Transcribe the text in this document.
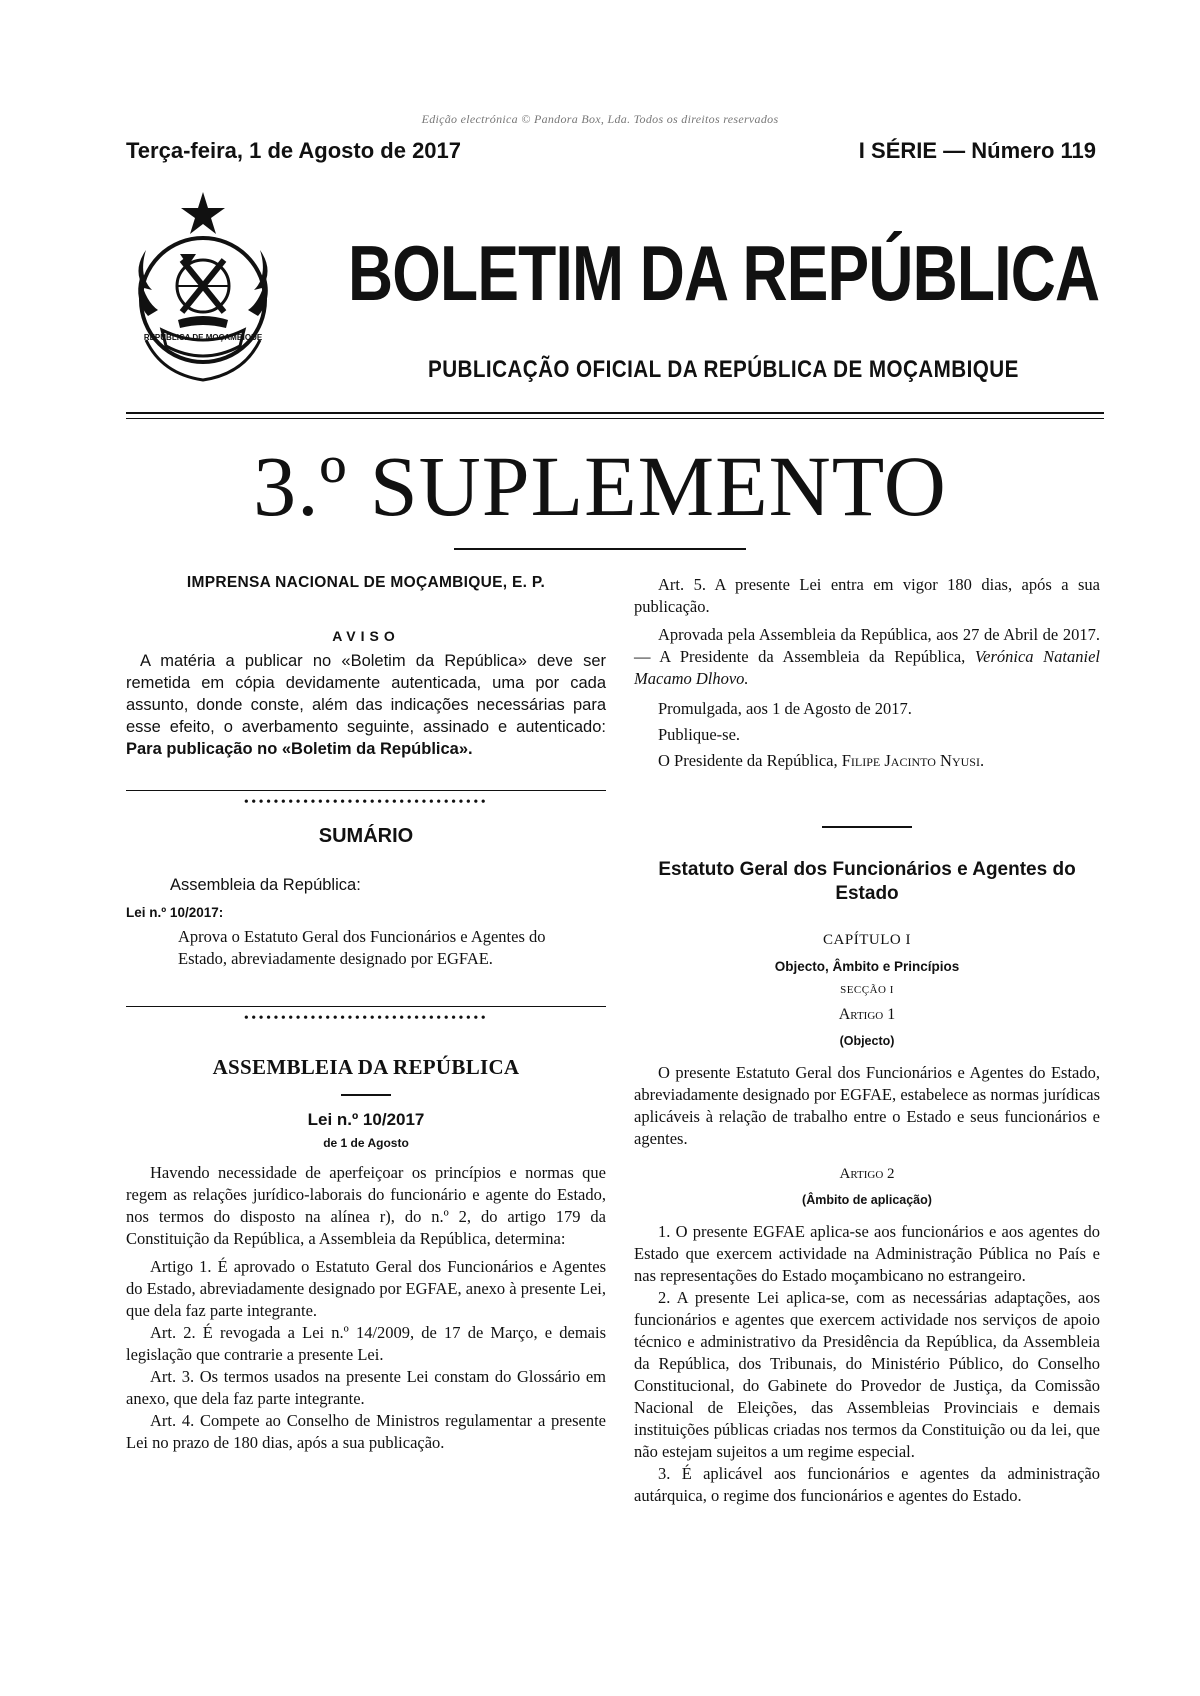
Edição electrónica © Pandora Box, Lda. Todos os direitos reservados
Terça-feira, 1 de Agosto de 2017	I SÉRIE — Número 119
REPÚBLICA DE MOÇAMBIQUE
BOLETIM DA REPÚBLICA
PUBLICAÇÃO OFICIAL DA REPÚBLICA DE MOÇAMBIQUE
3.º SUPLEMENTO

IMPRENSA NACIONAL DE MOÇAMBIQUE, E. P.

AVISO

A matéria a publicar no «Boletim da República» deve ser remetida em cópia devidamente autenticada, uma por cada assunto, donde conste, além das indicações necessárias para esse efeito, o averbamento seguinte, assinado e autenticado: Para publicação no «Boletim da República».

•••••••••••••••••••••••••••••••••

SUMÁRIO

Assembleia da República:

Lei n.º 10/2017:

Aprova o Estatuto Geral dos Funcionários e Agentes do Estado, abreviadamente designado por EGFAE.

•••••••••••••••••••••••••••••••••

ASSEMBLEIA DA REPÚBLICA

Lei n.º 10/2017

de 1 de Agosto

Havendo necessidade de aperfeiçoar os princípios e normas que regem as relações jurídico-laborais do funcionário e agente do Estado, nos termos do disposto na alínea r), do n.º 2, do artigo 179 da Constituição da República, a Assembleia da República, determina:

Artigo 1. É aprovado o Estatuto Geral dos Funcionários e Agentes do Estado, abreviadamente designado por EGFAE, anexo à presente Lei, que dela faz parte integrante.

Art. 2. É revogada a Lei n.º 14/2009, de 17 de Março, e demais legislação que contrarie a presente Lei.

Art. 3. Os termos usados na presente Lei constam do Glossário em anexo, que dela faz parte integrante.

Art. 4. Compete ao Conselho de Ministros regulamentar a presente Lei no prazo de 180 dias, após a sua publicação.

Art. 5. A presente Lei entra em vigor 180 dias, após a sua publicação.

Aprovada pela Assembleia da República, aos 27 de Abril de 2017. — A Presidente da Assembleia da República, Verónica Nataniel Macamo Dlhovo.

Promulgada, aos 1 de Agosto de 2017.

Publique-se.

O Presidente da República, Filipe Jacinto Nyusi.

Estatuto Geral dos Funcionários e Agentes do Estado

CAPÍTULO I

Objecto, Âmbito e Princípios

SECÇÃO I

Artigo 1

(Objecto)

O presente Estatuto Geral dos Funcionários e Agentes do Estado, abreviadamente designado por EGFAE, estabelece as normas jurídicas aplicáveis à relação de trabalho entre o Estado e seus funcionários e agentes.

Artigo 2

(Âmbito de aplicação)

1. O presente EGFAE aplica-se aos funcionários e aos agentes do Estado que exercem actividade na Administração Pública no País e nas representações do Estado moçambicano no estrangeiro.

2. A presente Lei aplica-se, com as necessárias adaptações, aos funcionários e agentes que exercem actividade nos serviços de apoio técnico e administrativo da Presidência da República, da Assembleia da República, dos Tribunais, do Ministério Público, do Conselho Constitucional, do Gabinete do Provedor de Justiça, da Comissão Nacional de Eleições, das Assembleias Provinciais e demais instituições públicas criadas nos termos da Constituição ou da lei, que não estejam sujeitos a um regime especial.

3. É aplicável aos funcionários e agentes da administração autárquica, o regime dos funcionários e agentes do Estado.
